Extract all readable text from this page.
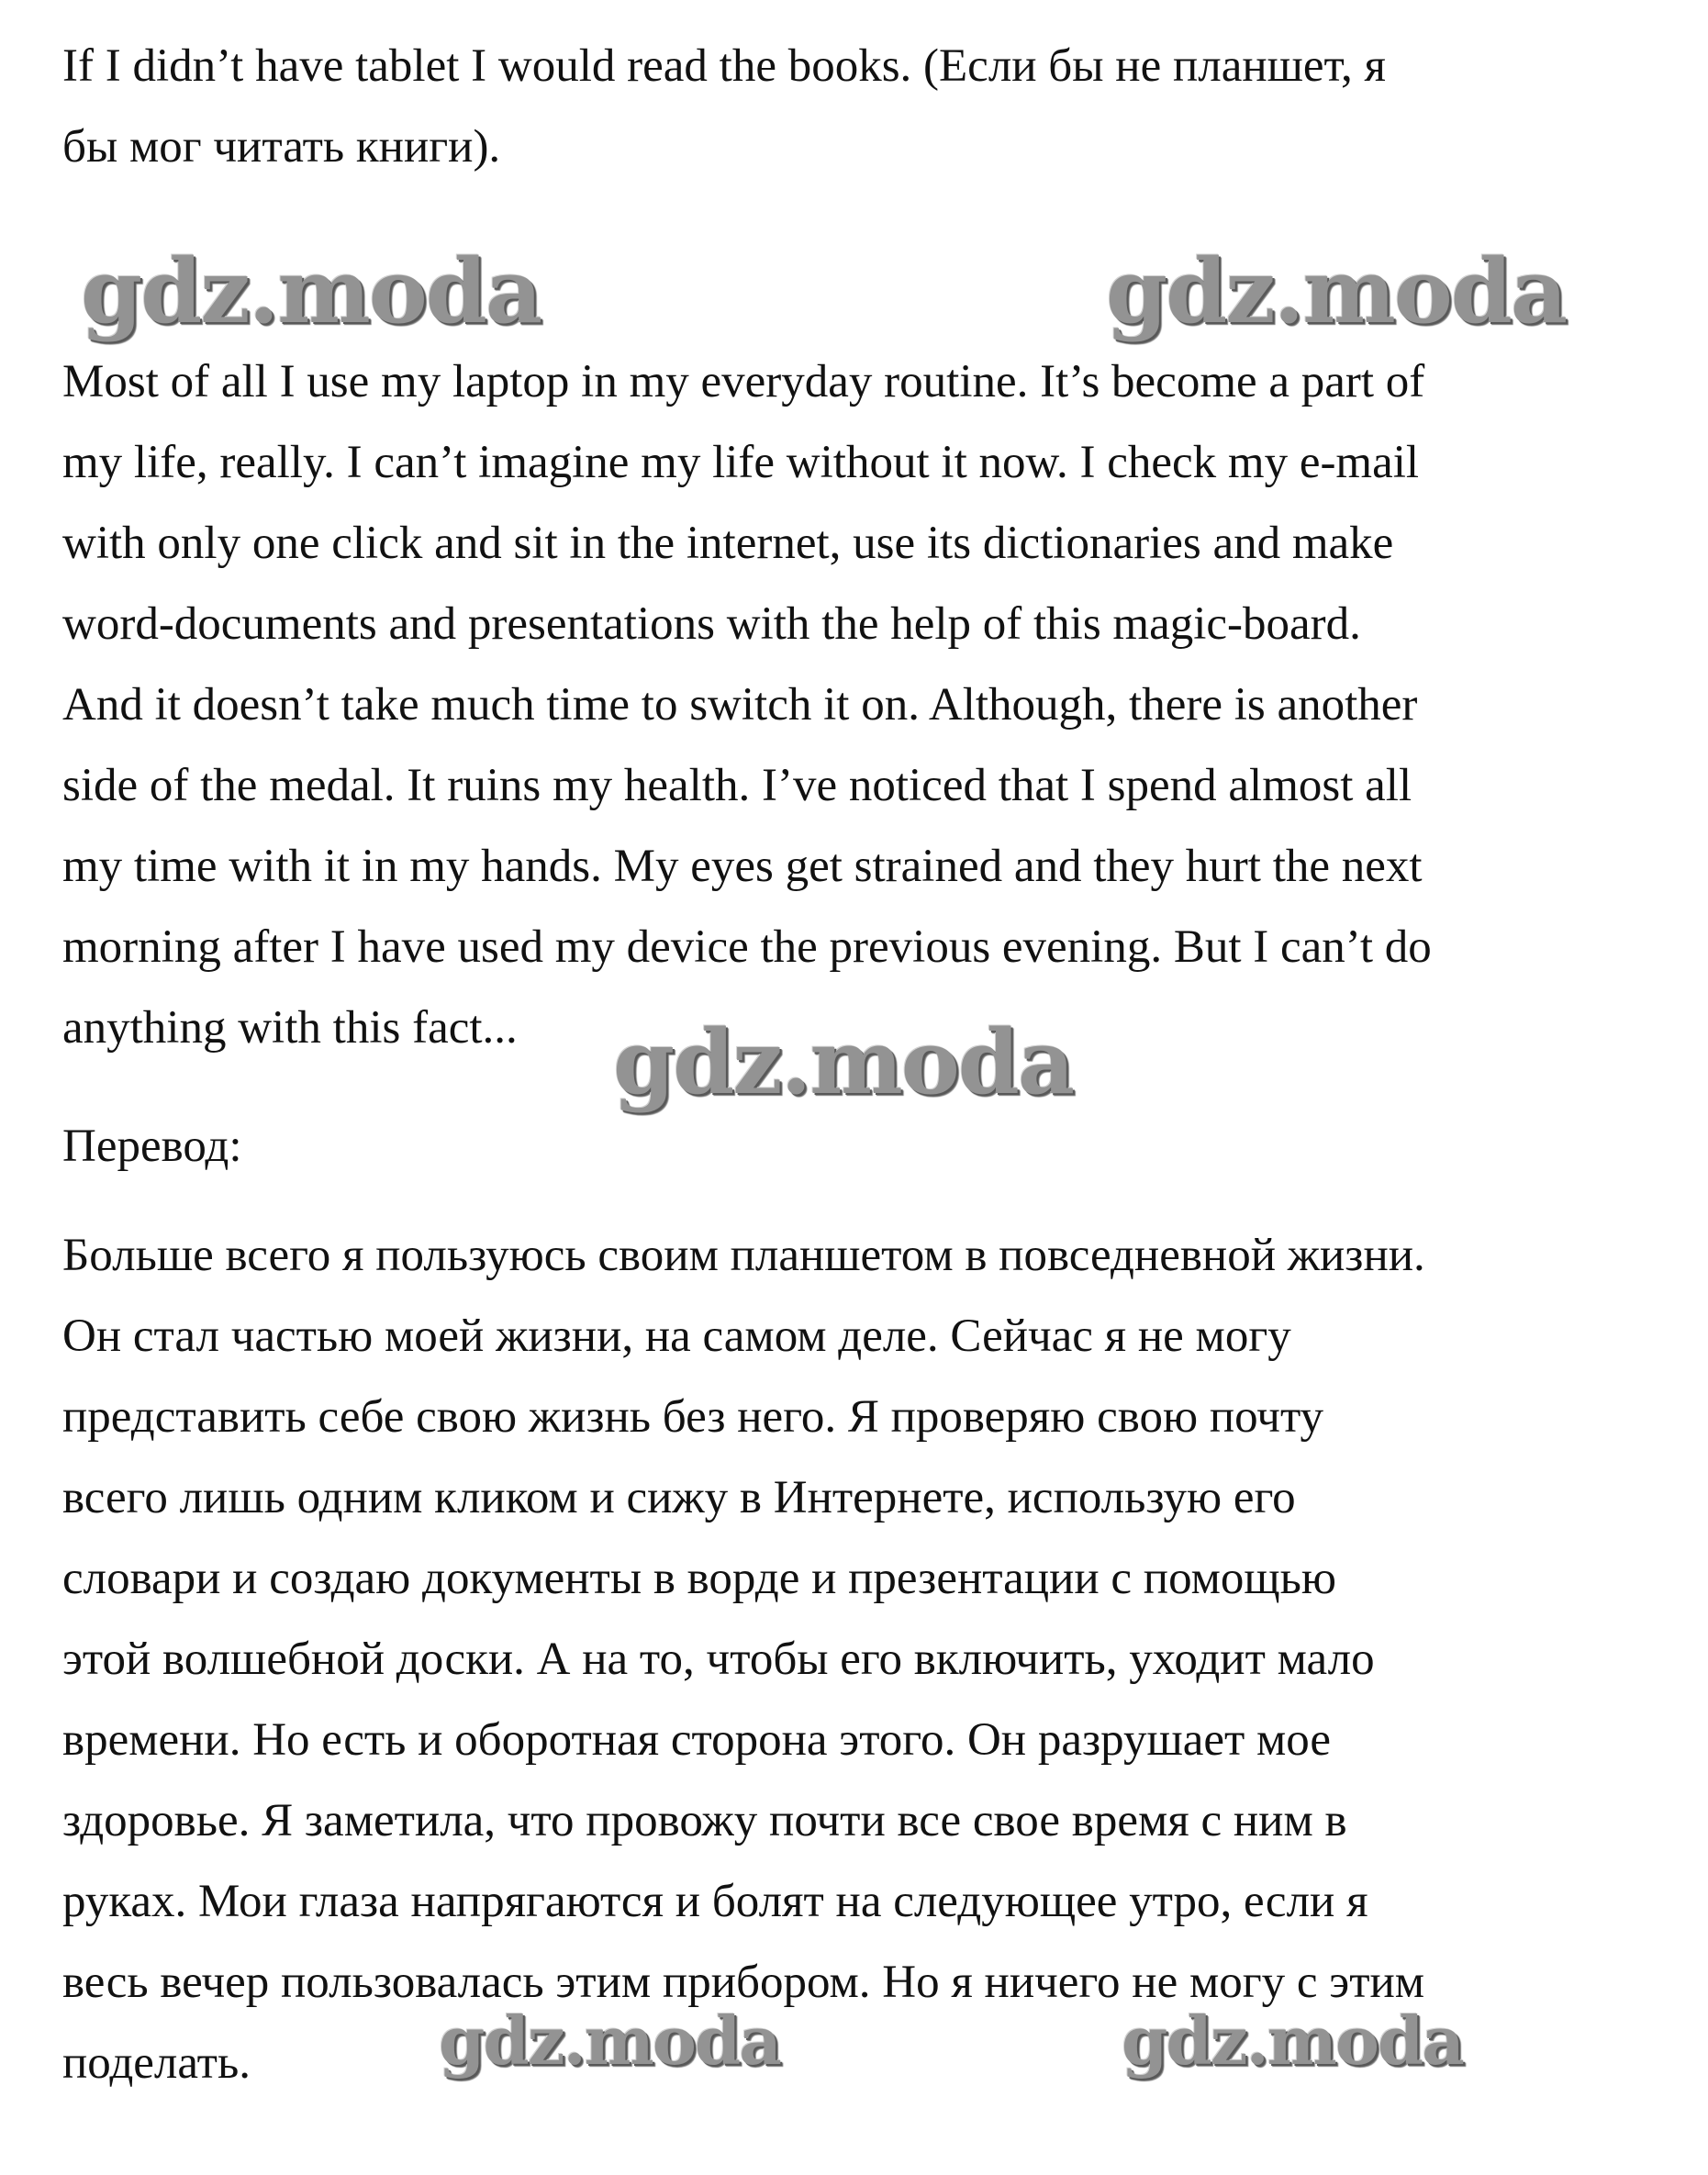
If I didn’t have tablet I would read the books. (Если бы не планшет, я
бы мог читать книги).
gdz.moda	gdz.moda
Most of all I use my laptop in my everyday routine. It’s become a part of
my life, really. I can’t imagine my life without it now. I check my e-mail
with only one click and sit in the internet, use its dictionaries and make
word-documents and presentations with the help of this magic-board.
And it doesn’t take much time to switch it on. Although, there is another
side of the medal. It ruins my health. I’ve noticed that I spend almost all
my time with it in my hands. My eyes get strained and they hurt the next
morning after I have used my device the previous evening. But I can’t do
anything with this fact...	gdz.moda
Перевод:
Больше всего я пользуюсь своим планшетом в повседневной жизни.
Он стал частью моей жизни, на самом деле. Сейчас я не могу
представить себе свою жизнь без него. Я проверяю свою почту
всего лишь одним кликом и сижу в Интернете, использую его
словари и создаю документы в ворде и презентации с помощью
этой волшебной доски. А на то, чтобы его включить, уходит мало
времени. Но есть и оборотная сторона этого. Он разрушает мое
здоровье. Я заметила, что провожу почти все свое время с ним в
руках. Мои глаза напрягаются и болят на следующее утро, если я
весь вечер пользовалась этим прибором. Но я ничего не могу с этим
поделать.	gdz.moda	gdz.moda
